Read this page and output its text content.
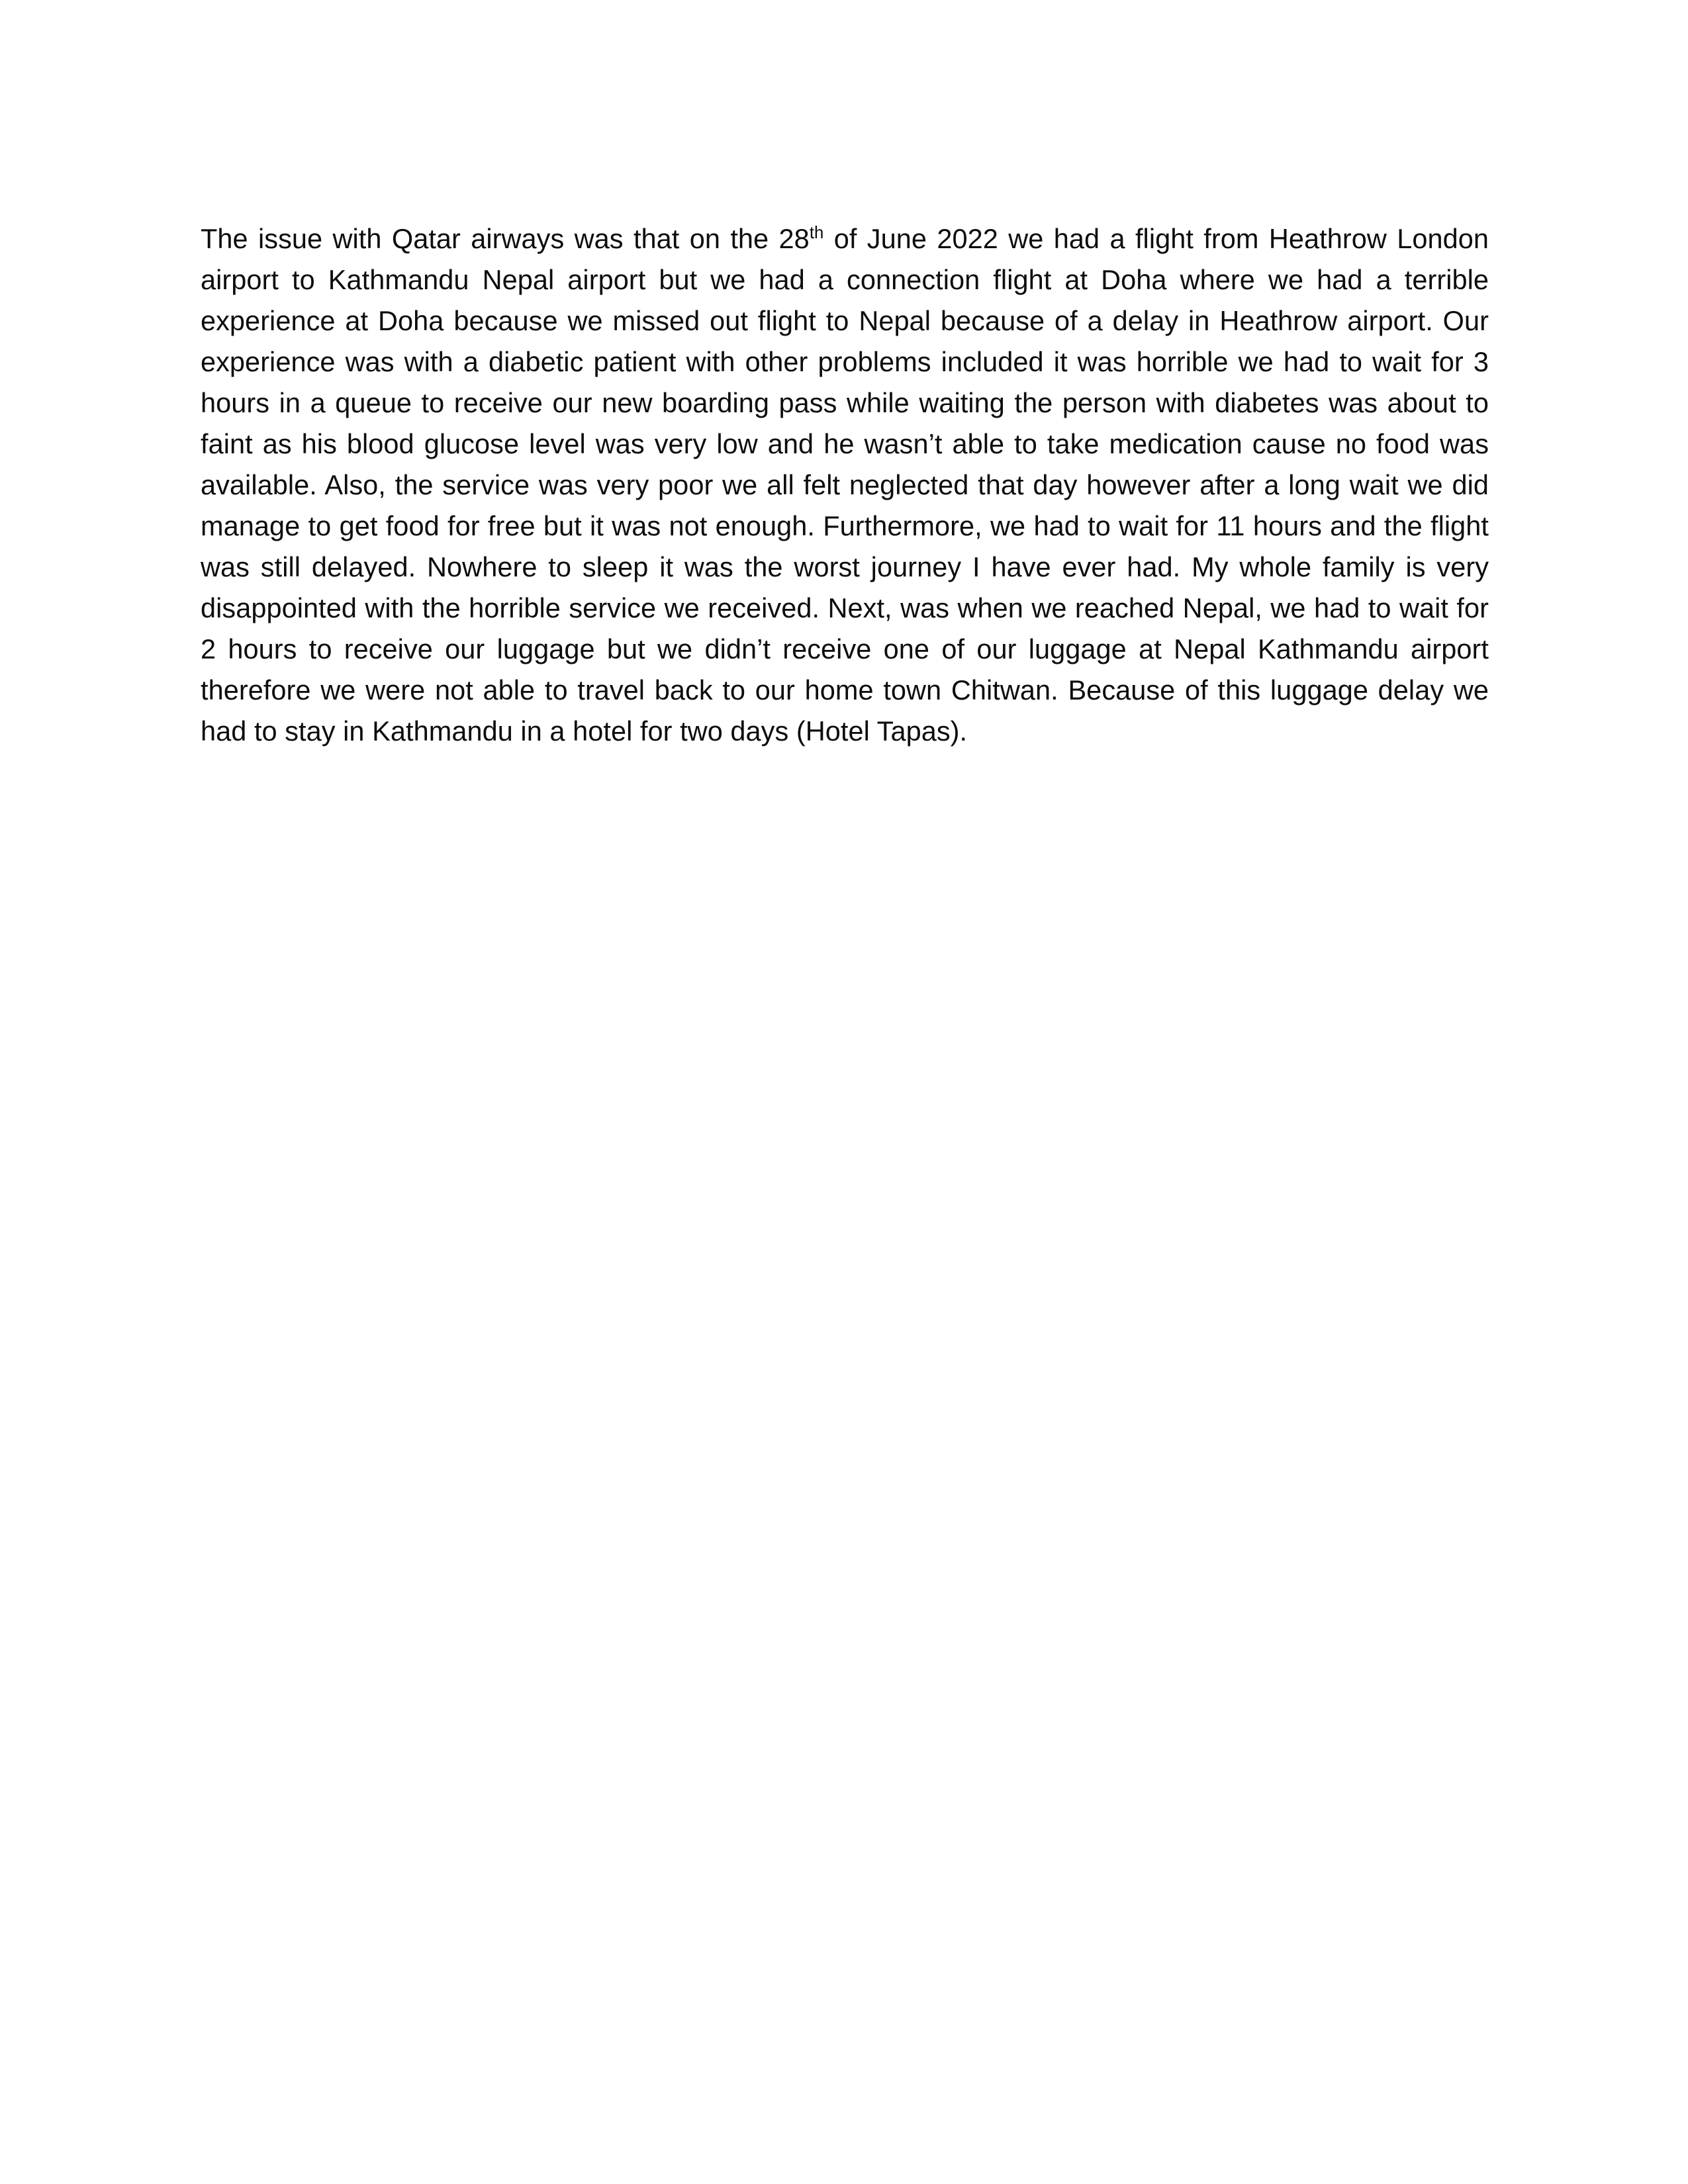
The issue with Qatar airways was that on the 28th of June 2022 we had a flight from Heathrow London airport to Kathmandu Nepal airport but we had a connection flight at Doha where we had a terrible experience at Doha because we missed out flight to Nepal because of a delay in Heathrow airport. Our experience was with a diabetic patient with other problems included it was horrible we had to wait for 3 hours in a queue to receive our new boarding pass while waiting the person with diabetes was about to faint as his blood glucose level was very low and he wasn’t able to take medication cause no food was available. Also, the service was very poor we all felt neglected that day however after a long wait we did manage to get food for free but it was not enough. Furthermore, we had to wait for 11 hours and the flight was still delayed. Nowhere to sleep it was the worst journey I have ever had. My whole family is very disappointed with the horrible service we received. Next, was when we reached Nepal, we had to wait for 2 hours to receive our luggage but we didn’t receive one of our luggage at Nepal Kathmandu airport therefore we were not able to travel back to our home town Chitwan. Because of this luggage delay we had to stay in Kathmandu in a hotel for two days (Hotel Tapas).
